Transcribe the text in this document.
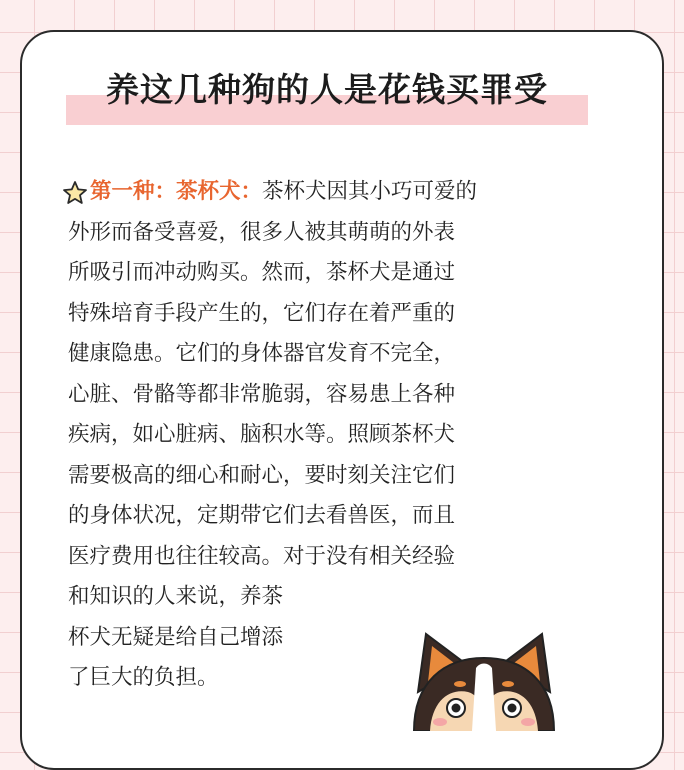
养这几种狗的人是花钱买罪受
第一种：茶杯犬：茶杯犬因其小巧可爱的
外形而备受喜爱，很多人被其萌萌的外表
所吸引而冲动购买。然而，茶杯犬是通过
特殊培育手段产生的，它们存在着严重的
健康隐患。它们的身体器官发育不完全，
心脏、骨骼等都非常脆弱，容易患上各种
疾病，如心脏病、脑积水等。照顾茶杯犬
需要极高的细心和耐心，要时刻关注它们
的身体状况，定期带它们去看兽医，而且
医疗费用也往往较高。对于没有相关经验
和知识的人来说，养茶
杯犬无疑是给自己增添
了巨大的负担。
